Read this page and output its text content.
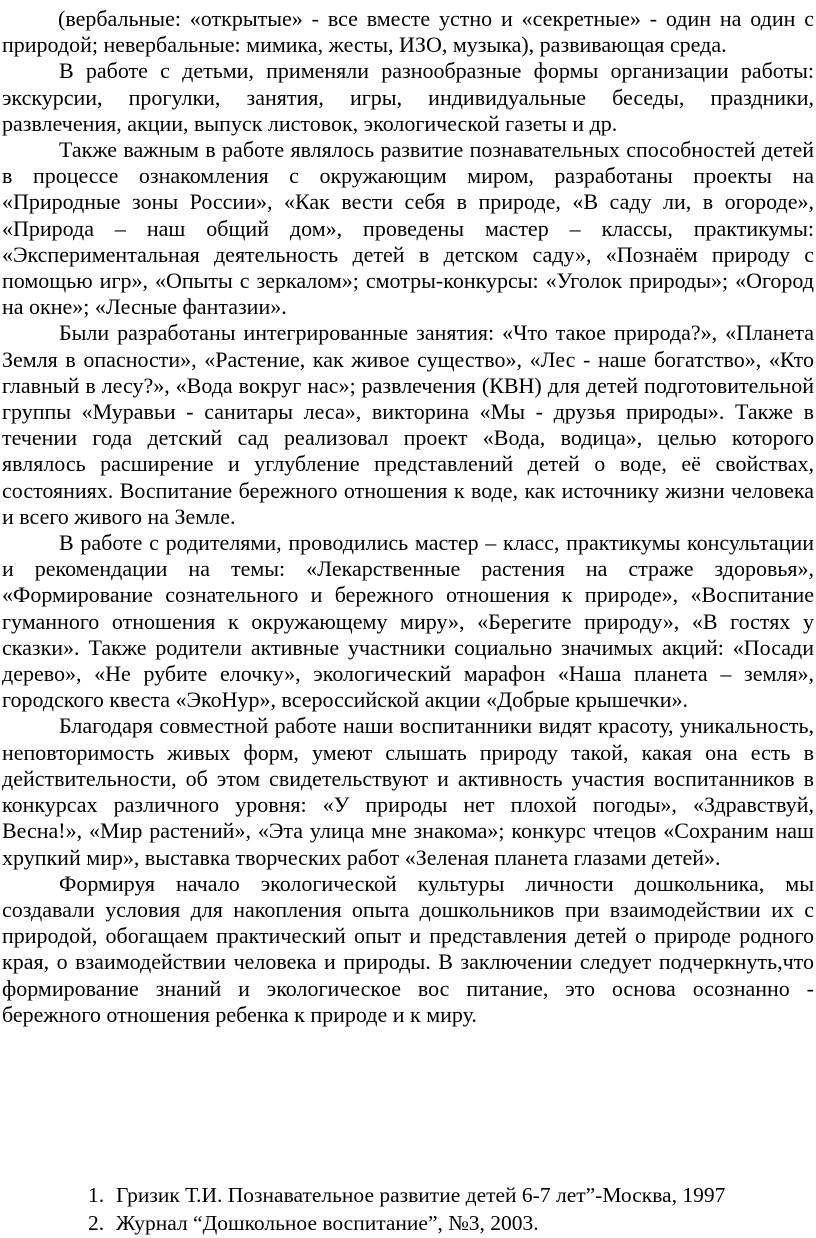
(вербальные: «открытые» - все вместе устно и «секретные» - один на один с природой; невербальные: мимика, жесты, ИЗО, музыка), развивающая среда.

В работе с детьми, применяли разнообразные формы организации работы: экскурсии, прогулки, занятия, игры, индивидуальные беседы, праздники, развлечения, акции, выпуск листовок, экологической газеты и др.

Также важным в работе являлось развитие познавательных способностей детей в процессе ознакомления с окружающим миром, разработаны проекты на «Природные зоны России», «Как вести себя в природе, «В саду ли, в огороде», «Природа – наш общий дом», проведены мастер – классы, практикумы: «Экспериментальная деятельность детей в детском саду», «Познаём природу с помощью игр», «Опыты с зеркалом»; смотры-конкурсы: «Уголок природы»; «Огород на окне»; «Лесные фантазии».

Были разработаны интегрированные занятия: «Что такое природа?», «Планета Земля в опасности», «Растение, как живое существо», «Лес - наше богатство», «Кто главный в лесу?», «Вода вокруг нас»; развлечения (КВН) для детей подготовительной группы «Муравьи - санитары леса», викторина «Мы - друзья природы». Также в течении года детский сад реализовал проект «Вода, водица», целью которого являлось расширение и углубление представлений детей о воде, её свойствах, состояниях. Воспитание бережного отношения к воде, как источнику жизни человека и всего живого на Земле.

В работе с родителями, проводились мастер – класс, практикумы консультации и рекомендации на темы: «Лекарственные растения на страже здоровья», «Формирование сознательного и бережного отношения к природе», «Воспитание гуманного отношения к окружающему миру», «Берегите природу», «В гостях у сказки». Также родители активные участники социально значимых акций: «Посади дерево», «Не рубите елочку», экологический марафон «Наша планета – земля», городского квеста «ЭкоНур», всероссийской акции «Добрые крышечки».

Благодаря совместной работе наши воспитанники видят красоту, уникальность, неповторимость живых форм, умеют слышать природу такой, какая она есть в действительности, об этом свидетельствуют и активность участия воспитанников в конкурсах различного уровня: «У природы нет плохой погоды», «Здравствуй, Весна!», «Мир растений», «Эта улица мне знакома»; конкурс чтецов «Сохраним наш хрупкий мир», выставка творческих работ «Зеленая планета глазами детей».

Формируя начало экологической культуры личности дошкольника, мы создавали условия для накопления опыта дошкольников при взаимодействии их с природой, обогащаем практический опыт и представления детей о природе родного края, о взаимодействии человека и природы. В заключении следует подчеркнуть,что формирование знаний и экологическое вос питание, это основа осознанно - бережного отношения ребенка к природе и к миру.

1. Гризик Т.И. Познавательное развитие детей 6-7 лет”-Москва, 1997
2. Журнал “Дошкольное воспитание”, №3, 2003.
